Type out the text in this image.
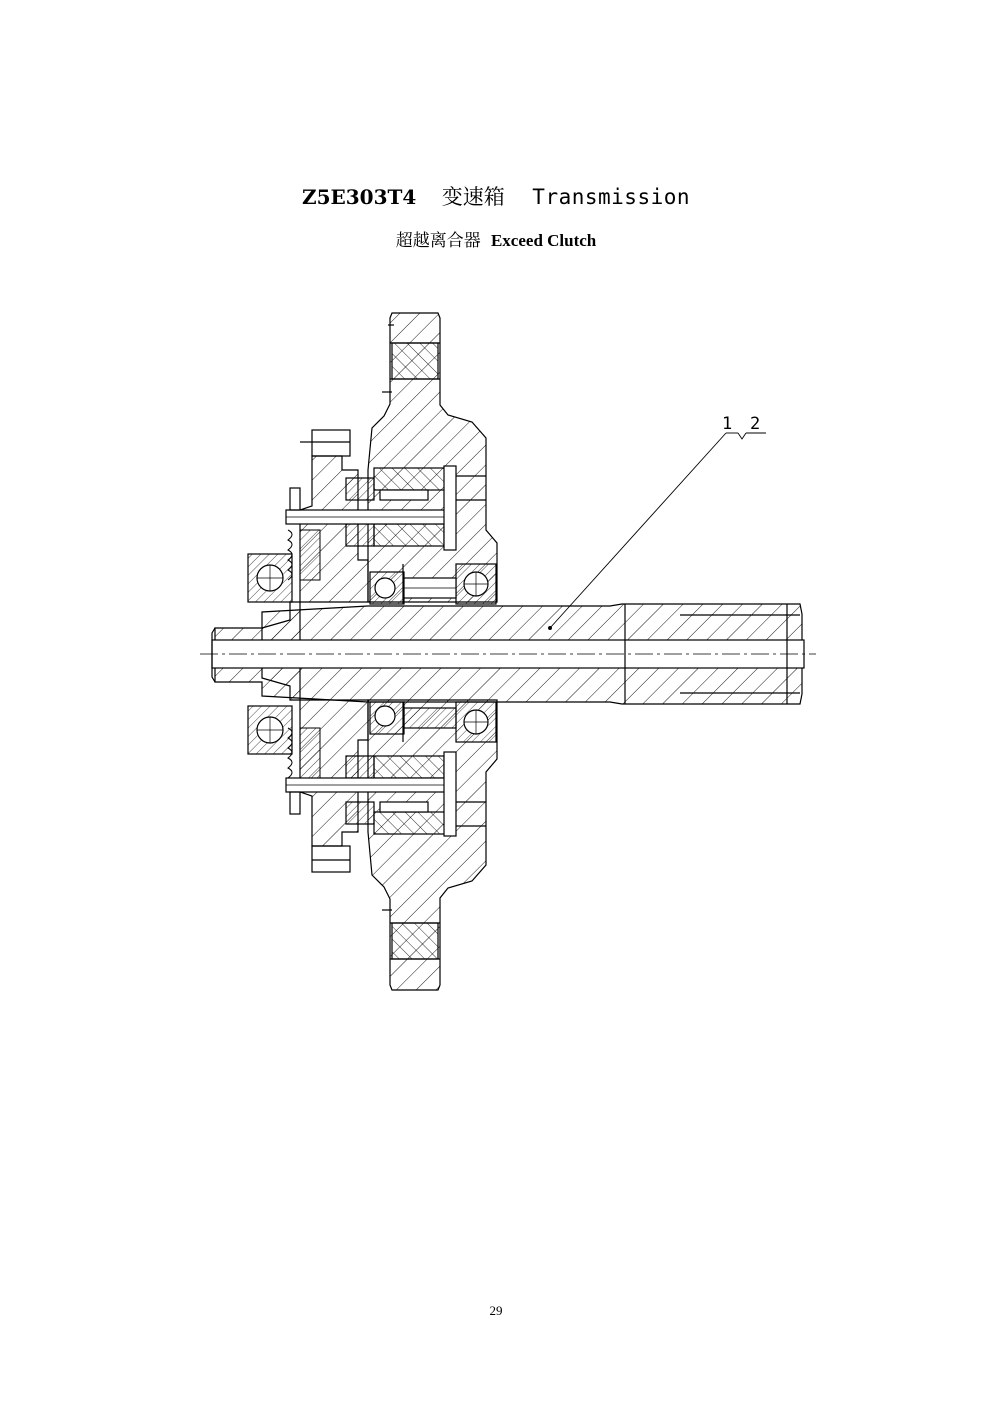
Z5E303T4 变速箱 Transmission
超越离合器 Exceed Clutch
1 2
29
